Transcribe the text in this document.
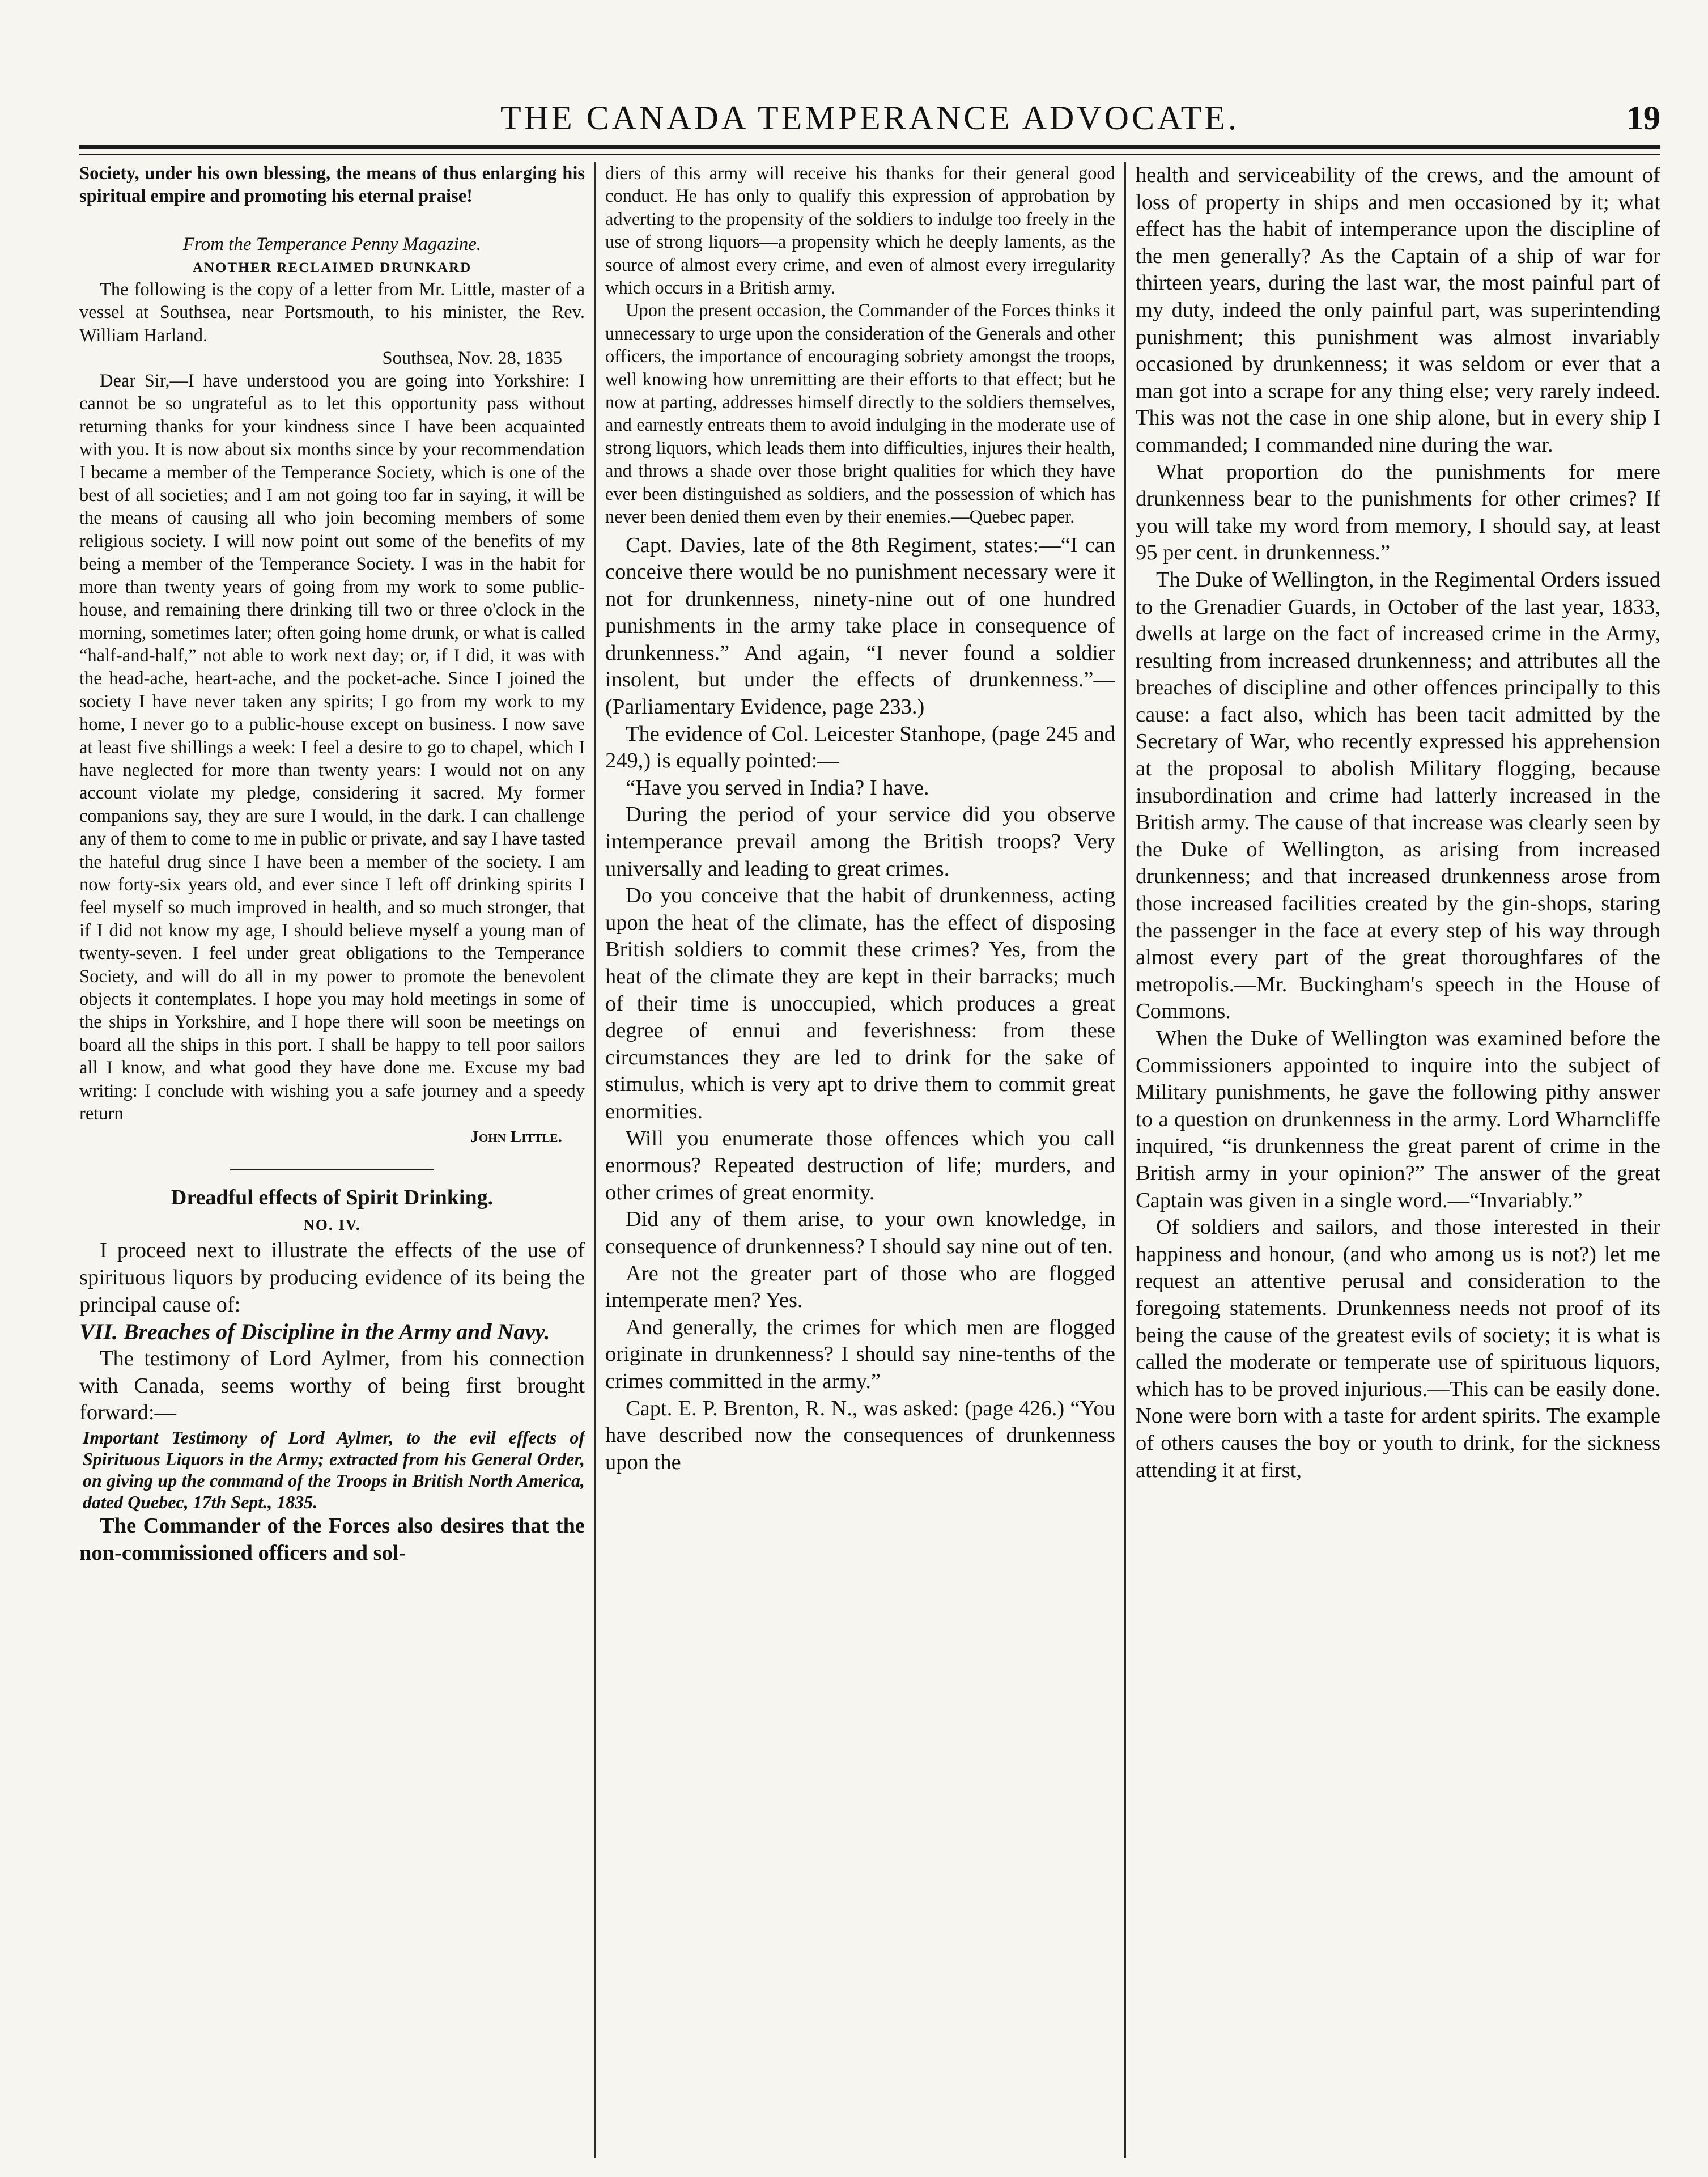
THE CANADA TEMPERANCE ADVOCATE.	19

Society, under his own blessing, the means of thus enlarging his spiritual empire and promoting his eternal praise!

From the Temperance Penny Magazine.
ANOTHER RECLAIMED DRUNKARD

The following is the copy of a letter from Mr. Little, master of a vessel at Southsea, near Portsmouth, to his minister, the Rev. William Harland.

Southsea, Nov. 28, 1835

Dear Sir,—I have understood you are going into Yorkshire: I cannot be so ungrateful as to let this opportunity pass without returning thanks for your kindness since I have been acquainted with you. It is now about six months since by your recommendation I became a member of the Temperance Society, which is one of the best of all societies; and I am not going too far in saying, it will be the means of causing all who join becoming members of some religious society. I will now point out some of the benefits of my being a member of the Temperance Society. I was in the habit for more than twenty years of going from my work to some public-house, and remaining there drinking till two or three o'clock in the morning, sometimes later; often going home drunk, or what is called “half-and-half,” not able to work next day; or, if I did, it was with the head-ache, heart-ache, and the pocket-ache. Since I joined the society I have never taken any spirits; I go from my work to my home, I never go to a public-house except on business. I now save at least five shillings a week: I feel a desire to go to chapel, which I have neglected for more than twenty years: I would not on any account violate my pledge, considering it sacred. My former companions say, they are sure I would, in the dark. I can challenge any of them to come to me in public or private, and say I have tasted the hateful drug since I have been a member of the society. I am now forty-six years old, and ever since I left off drinking spirits I feel myself so much improved in health, and so much stronger, that if I did not know my age, I should believe myself a young man of twenty-seven. I feel under great obligations to the Temperance Society, and will do all in my power to promote the benevolent objects it contemplates. I hope you may hold meetings in some of the ships in Yorkshire, and I hope there will soon be meetings on board all the ships in this port. I shall be happy to tell poor sailors all I know, and what good they have done me. Excuse my bad writing: I conclude with wishing you a safe journey and a speedy return

John Little.
Dreadful effects of Spirit Drinking.
NO. IV.

I proceed next to illustrate the effects of the use of spirituous liquors by producing evidence of its being the principal cause of:

VII. Breaches of Discipline in the Army and Navy.

The testimony of Lord Aylmer, from his connection with Canada, seems worthy of being first brought forward:—

Important Testimony of Lord Aylmer, to the evil effects of Spirituous Liquors in the Army; extracted from his General Order, on giving up the command of the Troops in British North America, dated Quebec, 17th Sept., 1835.

The Commander of the Forces also desires that the non-commissioned officers and sol-

diers of this army will receive his thanks for their general good conduct. He has only to qualify this expression of approbation by adverting to the propensity of the soldiers to indulge too freely in the use of strong liquors—a propensity which he deeply laments, as the source of almost every crime, and even of almost every irregularity which occurs in a British army.

Upon the present occasion, the Commander of the Forces thinks it unnecessary to urge upon the consideration of the Generals and other officers, the importance of encouraging sobriety amongst the troops, well knowing how unremitting are their efforts to that effect; but he now at parting, addresses himself directly to the soldiers themselves, and earnestly entreats them to avoid indulging in the moderate use of strong liquors, which leads them into difficulties, injures their health, and throws a shade over those bright qualities for which they have ever been distinguished as soldiers, and the possession of which has never been denied them even by their enemies.—Quebec paper.

Capt. Davies, late of the 8th Regiment, states:—“I can conceive there would be no punishment necessary were it not for drunkenness, ninety-nine out of one hundred punishments in the army take place in consequence of drunkenness.” And again, “I never found a soldier insolent, but under the effects of drunkenness.”—(Parliamentary Evidence, page 233.)

The evidence of Col. Leicester Stanhope, (page 245 and 249,) is equally pointed:—

“Have you served in India? I have.

During the period of your service did you observe intemperance prevail among the British troops? Very universally and leading to great crimes.

Do you conceive that the habit of drunkenness, acting upon the heat of the climate, has the effect of disposing British soldiers to commit these crimes? Yes, from the heat of the climate they are kept in their barracks; much of their time is unoccupied, which produces a great degree of ennui and feverishness: from these circumstances they are led to drink for the sake of stimulus, which is very apt to drive them to commit great enormities.

Will you enumerate those offences which you call enormous? Repeated destruction of life; murders, and other crimes of great enormity.

Did any of them arise, to your own knowledge, in consequence of drunkenness? I should say nine out of ten.

Are not the greater part of those who are flogged intemperate men? Yes.

And generally, the crimes for which men are flogged originate in drunkenness? I should say nine-tenths of the crimes committed in the army.”

Capt. E. P. Brenton, R. N., was asked: (page 426.) “You have described now the consequences of drunkenness upon the

health and serviceability of the crews, and the amount of loss of property in ships and men occasioned by it; what effect has the habit of intemperance upon the discipline of the men generally? As the Captain of a ship of war for thirteen years, during the last war, the most painful part of my duty, indeed the only painful part, was superintending punishment; this punishment was almost invariably occasioned by drunkenness; it was seldom or ever that a man got into a scrape for any thing else; very rarely indeed. This was not the case in one ship alone, but in every ship I commanded; I commanded nine during the war.

What proportion do the punishments for mere drunkenness bear to the punishments for other crimes? If you will take my word from memory, I should say, at least 95 per cent. in drunkenness.”

The Duke of Wellington, in the Regimental Orders issued to the Grenadier Guards, in October of the last year, 1833, dwells at large on the fact of increased crime in the Army, resulting from increased drunkenness; and attributes all the breaches of discipline and other offences principally to this cause: a fact also, which has been tacit admitted by the Secretary of War, who recently expressed his apprehension at the proposal to abolish Military flogging, because insubordination and crime had latterly increased in the British army. The cause of that increase was clearly seen by the Duke of Wellington, as arising from increased drunkenness; and that increased drunkenness arose from those increased facilities created by the gin-shops, staring the passenger in the face at every step of his way through almost every part of the great thoroughfares of the metropolis.—Mr. Buckingham's speech in the House of Commons.

When the Duke of Wellington was examined before the Commissioners appointed to inquire into the subject of Military punishments, he gave the following pithy answer to a question on drunkenness in the army. Lord Wharncliffe inquired, “is drunkenness the great parent of crime in the British army in your opinion?” The answer of the great Captain was given in a single word.—“Invariably.”

Of soldiers and sailors, and those interested in their happiness and honour, (and who among us is not?) let me request an attentive perusal and consideration to the foregoing statements. Drunkenness needs not proof of its being the cause of the greatest evils of society; it is what is called the moderate or temperate use of spirituous liquors, which has to be proved injurious.—This can be easily done. None were born with a taste for ardent spirits. The example of others causes the boy or youth to drink, for the sickness attending it at first,
